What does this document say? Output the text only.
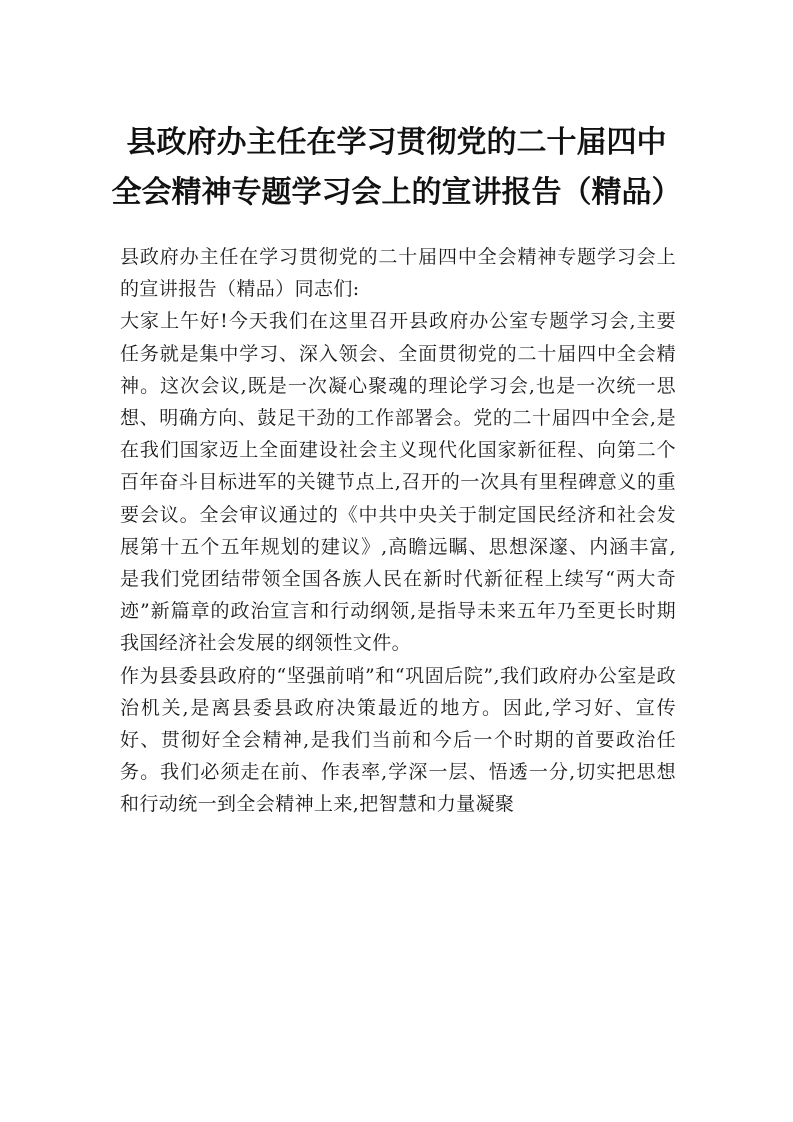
县政府办主任在学习贯彻党的二十届四中
全会精神专题学习会上的宣讲报告（精品）

县政府办主任在学习贯彻党的二十届四中全会精神专题学习会上的宣讲报告（精品）同志们:

大家上午好!今天我们在这里召开县政府办公室专题学习会,主要任务就是集中学习、深入领会、全面贯彻党的二十届四中全会精神。这次会议,既是一次凝心聚魂的理论学习会,也是一次统一思想、明确方向、鼓足干劲的工作部署会。党的二十届四中全会,是在我们国家迈上全面建设社会主义现代化国家新征程、向第二个百年奋斗目标进军的关键节点上,召开的一次具有里程碑意义的重要会议。全会审议通过的《中共中央关于制定国民经济和社会发展第十五个五年规划的建议》,高瞻远瞩、思想深邃、内涵丰富,是我们党团结带领全国各族人民在新时代新征程上续写“两大奇迹”新篇章的政治宣言和行动纲领,是指导未来五年乃至更长时期我国经济社会发展的纲领性文件。

作为县委县政府的“坚强前哨”和“巩固后院”,我们政府办公室是政治机关,是离县委县政府决策最近的地方。因此,学习好、宣传好、贯彻好全会精神,是我们当前和今后一个时期的首要政治任务。我们必须走在前、作表率,学深一层、悟透一分,切实把思想和行动统一到全会精神上来,把智慧和力量凝聚
